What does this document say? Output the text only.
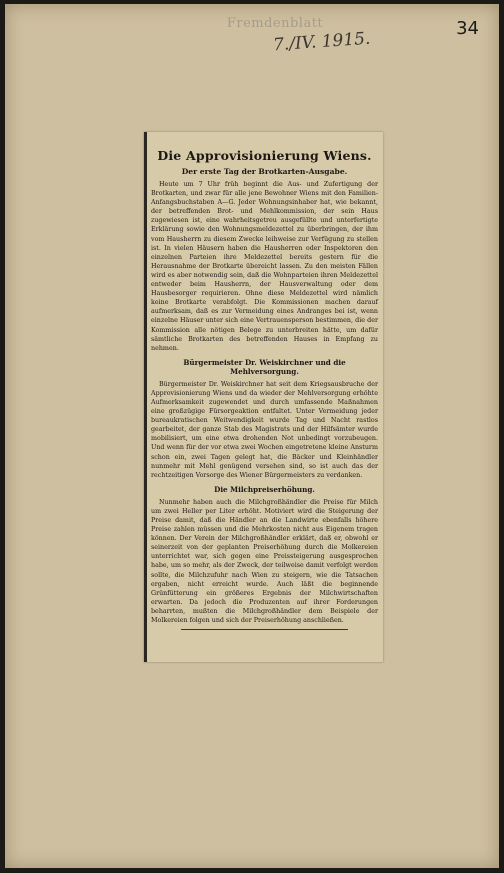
Fremdenblatt	34
7./IV. 1915.
Die Approvisionierung Wiens.
Der erste Tag der Brotkarten-Ausgabe.

Heute um 7 Uhr früh beginnt die Aus- und Zufertigung der Brotkarten, und zwar für alle jene Bewohner Wiens mit den Familien-Anfangsbuchstaben A—G. Jeder Wohnungsinhaber hat, wie bekannt, der betreffenden Brot- und Mehlkommission, der sein Haus zugewiesen ist, eine wahrheitsgetreu ausgefüllte und unterfertigte Erklärung sowie den Wohnungsmeldezettel zu überbringen, der ihm vom Hausherrn zu diesem Zwecke leihweise zur Verfügung zu stellen ist. In vielen Häusern haben die Hausherren oder Inspektoren den einzelnen Parteien ihre Meldezettel bereits gestern für die Herausnahme der Brotkarte übereicht lassen. Zu den meisten Fällen wird es aber notwendig sein, daß die Wohnparteien ihren Meldezettel entweder beim Hausherrn, der Hausverwaltung oder dem Hausbesorger requirieren. Ohne diese Meldezettel wird nämlich keine Brotkarte verabfolgt. Die Kommissionen machen darauf aufmerksam, daß es zur Vermeidung eines Andranges bei ist, wenn einzelne Häuser unter sich eine Vertrauensperson bestimmen, die der Kommission alle nötigen Belege zu unterbreiten hätte, um dafür sämtliche Brotkarten des betreffenden Hauses in Empfang zu nehmen.

Bürgermeister Dr. Weiskirchner und die Mehlversorgung.

Bürgermeister Dr. Weiskirchner hat seit dem Kriegsausbruche der Approvisionierung Wiens und da wieder der Mehlversorgung erhöhte Aufmerksamkeit zugewendet und durch umfassende Maßnahmen eine großzügige Fürsorgeaktion entfaltet. Unter Vermeidung jeder bureaukratischen Weitwendigkeit wurde Tag und Nacht rastlos gearbeitet, der ganze Stab des Magistrats und der Hilfsämter wurde mobilisiert, um eine etwa drohenden Not unbedingt vorzubeugen. Und wenn für der vor etwa zwei Wochen eingetretene kleine Ansturm schon ein, zwei Tagen gelegt hat, die Bäcker und Kleinhändler nunmehr mit Mehl genügend versehen sind, so ist auch das der rechtzeitigen Vorsorge des Wiener Bürgermeisters zu verdanken.

Die Milchpreiserhöhung.

Nunmehr haben auch die Milchgroßhändler die Preise für Milch um zwei Heller per Liter erhöht. Motiviert wird die Steigerung der Preise damit, daß die Händler an die Landwirte ebenfalls höhere Preise zahlen müssen und die Mehrkosten nicht aus Eigenem tragen können. Der Verein der Milchgroßhändler erklärt, daß er, obwohl er seinerzeit von der geplanten Preiserhöhung durch die Molkereien unterrichtet war, sich gegen eine Preissteigerung ausgesprochen habe, um so mehr, als der Zweck, der teilweise damit verfolgt werden sollte, die Milchzufuhr nach Wien zu steigern, wie die Tatsachen ergaben, nicht erreicht wurde. Auch läßt die beginnende Grünfütterung ein größeres Ergebnis der Milchwirtschaften erwarten. Da jedoch die Produzenten auf ihrer Forderungen beharrten, mußten die Milchgroßhändler dem Beispiele der Molkereien folgen und sich der Preiserhöhung anschließen.
